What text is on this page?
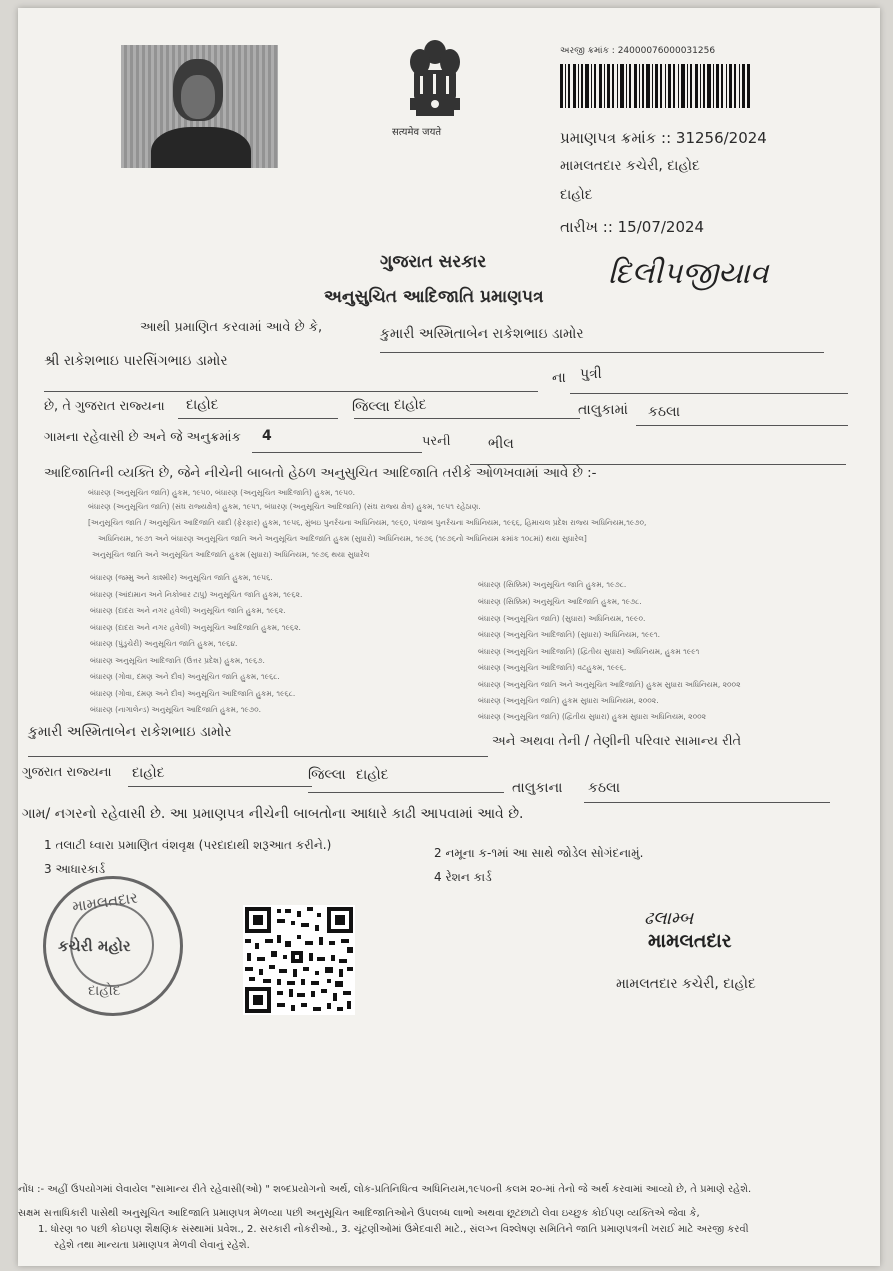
सत्यमेव जयते
અરજી ક્રમાંક : 24000076000031256
પ્રમાણપત્ર ક્રમાંક :: 31256/2024
મામલતદાર કચેરી, દાહોદ
દાહોદ
તારીખ :: 15/07/2024
દિલીપજીયાવ
ગુજરાત સરકાર
અનુસુચિત આદિજાતિ પ્રમાણપત્ર
આથી પ્રમાણિત કરવામાં આવે છે કે,	કુમારી અસ્મિતાબેન રાકેશભાઇ ડામોર
શ્રી રાકેશભાઇ પારસિંગભાઇ ડામોર
ના પુત્રી
છે, તે ગુજરાત રાજ્યના દાહોદ	જિલ્લા દાહોદ	તાલુકામાં કઠલા
ગામના રહેવાસી છે અને જે અનુક્રમાંક 4	પરની	ભીલ
આદિજાતિની વ્યક્તિ છે, જેને નીચેની બાબતો હેઠળ અનુસુચિત આદિજાતિ તરીકે ઓળખવામાં આવે છે :-
બંધારણ (અનુસૂચિત જાતિ) હુકમ, ૧૯૫૦, બંધારણ (અનુસૂચિત આદિજાતિ) હુકમ, ૧૯૫૦.
બંધારણ (અનુસૂચિત જાતિ) (સંઘ રાજ્યક્ષેત્ર) હુકમ, ૧૯૫૧, બંધારણ (અનુસૂચિત આદિજાતિ) (સંઘ રાજ્ય ક્ષેત્ર) હુકમ, ૧૯૫૧ રહેઠાણ.
[અનુસૂચિત જાતિ / અનુસૂચિત આદિજાતિ યાદી (ફેરફાર) હુકમ, ૧૯૫૬, મુંબઇ પુનર્રચના અધિનિયમ, ૧૯૬૦, પંજાબ પુનર્રચના અધિનિયમ, ૧૯૬૬, હિમાચલ પ્રદેશ રાજ્ય અધિનિયમ,૧૯૭૦,
અધિનિયમ, ૧૯૭૧ અને બંધારણ અનુસૂચિત જાતિ અને અનુસૂચિત આદિજાતિ હુકમ (સુધારો) અધિનિયમ, ૧૯૭૬ (૧૯૭૬નો અધિનિયમ ક્રમાંક ૧૦૮માં) થયા સુધારેલ]
અનુસૂચિત જાતિ અને અનુસૂચિત આદિજાતિ હુકમ (સુધારા) અધિનિયમ, ૧૯૭૬ થયા સુધારેલ
બંધારણ (જમ્મુ અને કાશ્મીર) અનુસૂચિત જાતિ હુકમ, ૧૯૫૬.
બંધારણ (આંદામાન અને નિકોબાર ટાપુ) અનુસૂચિત જાતિ હુકમ, ૧૯૬૨.
બંધારણ (દાદરા અને નગર હવેલી) અનુસૂચિત જાતિ હુકમ, ૧૯૬૨.
બંધારણ (દાદરા અને નગર હવેલી) અનુસૂચિત આદિજાતિ હુકમ, ૧૯૬૨.
બંધારણ (પુંડુચેરી) અનુસૂચિત જાતિ હુકમ, ૧૯૬૪.
બંધારણ અનુસૂચિત આદિજાતિ (ઉત્તર પ્રદેશ) હુકમ, ૧૯૬૭.
બંધારણ (ગોવા, દમણ અને દીવ) અનુસૂચિત જાતિ હુકમ, ૧૯૬૮.
બંધારણ (ગોવા, દમણ અને દીવ) અનુસૂચિત આદિજાતિ હુકમ, ૧૯૬૮.
બંધારણ (નાગાલેન્ડ) અનુસૂચિત આદિજાતિ હુકમ, ૧૯૭૦.
બંધારણ (સિક્કિમ) અનુસૂચિત જાતિ હુકમ, ૧૯૭૮.
બંધારણ (સિક્કિમ) અનુસૂચિત આદિજાતિ હુકમ, ૧૯૭૮.
બંધારણ (અનુસૂચિત જાતિ) (સુધારા) અધિનિયમ, ૧૯૯૦.
બંધારણ (અનુસૂચિત આદિજાતિ) (સુધારા) અધિનિયમ, ૧૯૯૧.
બંધારણ (અનુસૂચિત આદિજાતિ) (દ્વિતીય સુધારા) અધિનિયમ, હુકમ ૧૯૯૧
બંધારણ (અનુસૂચિત આદિજાતિ) વટહુકમ, ૧૯૯૬.
બંધારણ (અનુસૂચિત જાતિ અને અનુસૂચિત આદિજાતિ) હુકમ સુધારા અધિનિયમ, ૨૦૦૨
બંધારણ (અનુસૂચિત જાતિ) હુકમ સુધારા અધિનિયમ, ૨૦૦૨.
બંધારણ (અનુસૂચિત જાતિ) (દ્વિતીય સુધારા) હુકમ સુધારા અધિનિયમ, ૨૦૦૨
કુમારી અસ્મિતાબેન રાકેશભાઇ ડામોર
અને અથવા તેની / તેણીની પરિવાર સામાન્ય રીતે
ગુજરાત રાજ્યના દાહોદ	જિલ્લા દાહોદ
તાલુકાના કઠલા
ગામ/ નગરનો રહેવાસી છે. આ પ્રમાણપત્ર નીચેની બાબતોના આધારે કાઢી આપવામાં આવે છે.
1 તલાટી ધ્વારા પ્રમાણિત વંશવૃક્ષ (પરદાદાથી શરૂઆત કરીને.)
2 નમૂના ક-૧માં આ સાથે જોડેલ સોગંદનામું.
3 આધારકાર્ડ
4 રેશન કાર્ડ
મામલતદાર
કચેરી મહોર
દાહોદ
ઢલામ્બ
મામલતદાર
મામલતદાર કચેરી, દાહોદ
નોંધ :- અહીં ઉપયોગમાં લેવાયેલ "સામાન્ય રીતે રહેવાસી(ઓ) " શબ્દપ્રયોગનો અર્થ, લોક-પ્રતિનિધિત્વ અધિનિયમ,૧૯૫૦ની કલમ ૨૦-માં તેનો જે અર્થ કરવામાં આવ્યો છે, તે પ્રમાણે રહેશે.
સક્ષમ સત્તાધિકારી પાસેથી અનુસૂચિત આદિજાતિ પ્રમાણપત્ર મેળવ્યા પછી અનુસૂચિત આદિજાતિઓને ઉપલબ્ધ લાભો અથવા છૂટછાટો લેવા ઇચ્છુક કોઈપણ વ્યક્તિએ જેવા કે,
1. ધોરણ ૧૦ પછી કોઇપણ શૈક્ષણિક સંસ્થામાં પ્રવેશ., 2. સરકારી નોકરીઓ., 3. ચૂંટણીઓમાં ઉમેદવારી માટે., સંલગ્ન વિશ્લેષણ સમિતિને જાતિ પ્રમાણપત્રની ખરાઈ માટે અરજી કરવી
રહેશે તથા માન્યતા પ્રમાણપત્ર મેળવી લેવાનું રહેશે.
